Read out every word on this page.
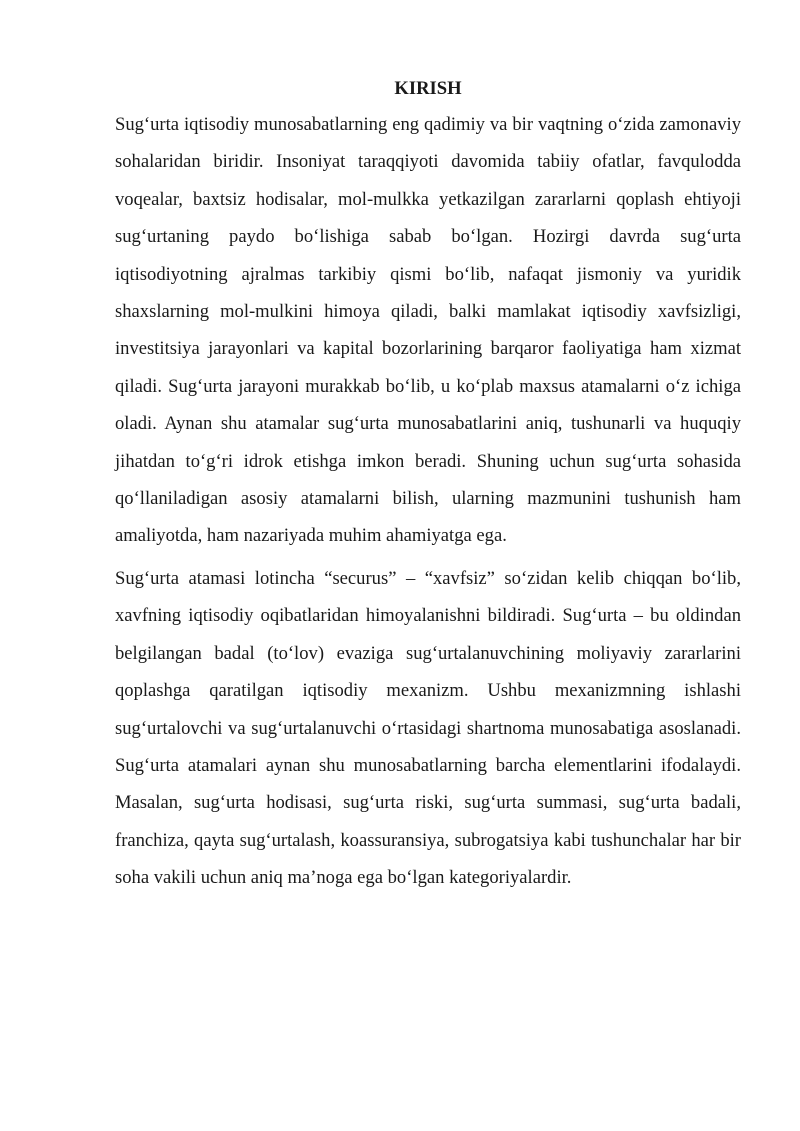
KIRISH

Sug‘urta iqtisodiy munosabatlarning eng qadimiy va bir vaqtning o‘zida zamonaviy sohalaridan biridir. Insoniyat taraqqiyoti davomida tabiiy ofatlar, favqulodda voqealar, baxtsiz hodisalar, mol-mulkka yetkazilgan zararlarni qoplash ehtiyoji sug‘urtaning paydo bo‘lishiga sabab bo‘lgan. Hozirgi davrda sug‘urta iqtisodiyotning ajralmas tarkibiy qismi bo‘lib, nafaqat jismoniy va yuridik shaxslarning mol-mulkini himoya qiladi, balki mamlakat iqtisodiy xavfsizligi, investitsiya jarayonlari va kapital bozorlarining barqaror faoliyatiga ham xizmat qiladi. Sug‘urta jarayoni murakkab bo‘lib, u ko‘plab maxsus atamalarni o‘z ichiga oladi. Aynan shu atamalar sug‘urta munosabatlarini aniq, tushunarli va huquqiy jihatdan to‘g‘ri idrok etishga imkon beradi. Shuning uchun sug‘urta sohasida qo‘llaniladigan asosiy atamalarni bilish, ularning mazmunini tushunish ham amaliyotda, ham nazariyada muhim ahamiyatga ega.

Sug‘urta atamasi lotincha “securus” – “xavfsiz” so‘zidan kelib chiqqan bo‘lib, xavfning iqtisodiy oqibatlaridan himoyalanishni bildiradi. Sug‘urta – bu oldindan belgilangan badal (to‘lov) evaziga sug‘urtalanuvchining moliyaviy zararlarini qoplashga qaratilgan iqtisodiy mexanizm. Ushbu mexanizmning ishlashi sug‘urtalovchi va sug‘urtalanuvchi o‘rtasidagi shartnoma munosabatiga asoslanadi. Sug‘urta atamalari aynan shu munosabatlarning barcha elementlarini ifodalaydi. Masalan, sug‘urta hodisasi, sug‘urta riski, sug‘urta summasi, sug‘urta badali, franchiza, qayta sug‘urtalash, koassuransiya, subrogatsiya kabi tushunchalar har bir soha vakili uchun aniq ma’noga ega bo‘lgan kategoriyalardir.
